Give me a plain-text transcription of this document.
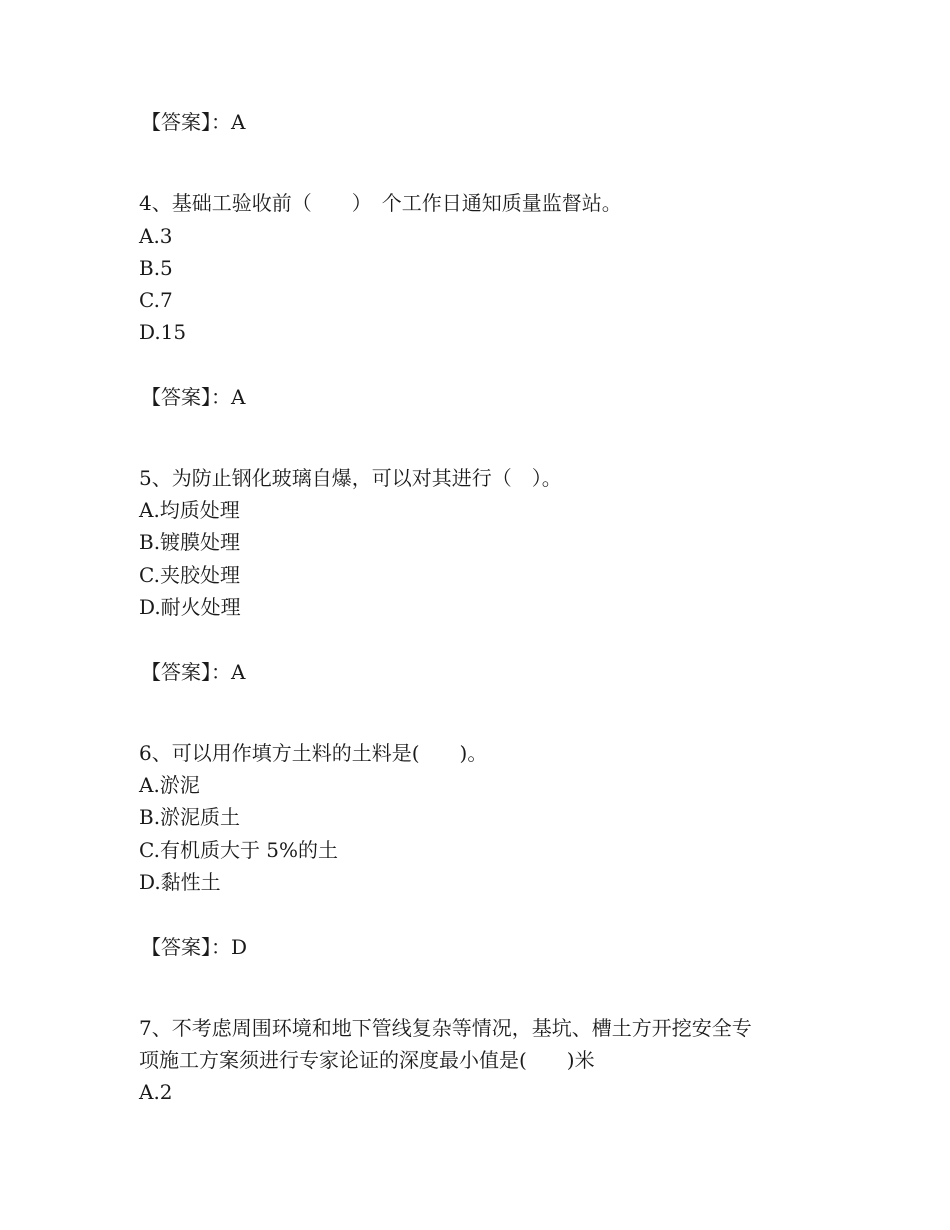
【答案】：A
4、基础工验收前（　　）　个工作日通知质量监督站。
A.3
B.5
C.7
D.15
【答案】：A
5、为防止钢化玻璃自爆，可以对其进行（　）。
A.均质处理
B.镀膜处理
C.夹胶处理
D.耐火处理
【答案】：A
6、可以用作填方土料的土料是(　　)。
A.淤泥
B.淤泥质土
C.有机质大于 5%的土
D.黏性土
【答案】：D
7、不考虑周围环境和地下管线复杂等情况，基坑、槽土方开挖安全专
项施工方案须进行专家论证的深度最小值是(　　)米
A.2
